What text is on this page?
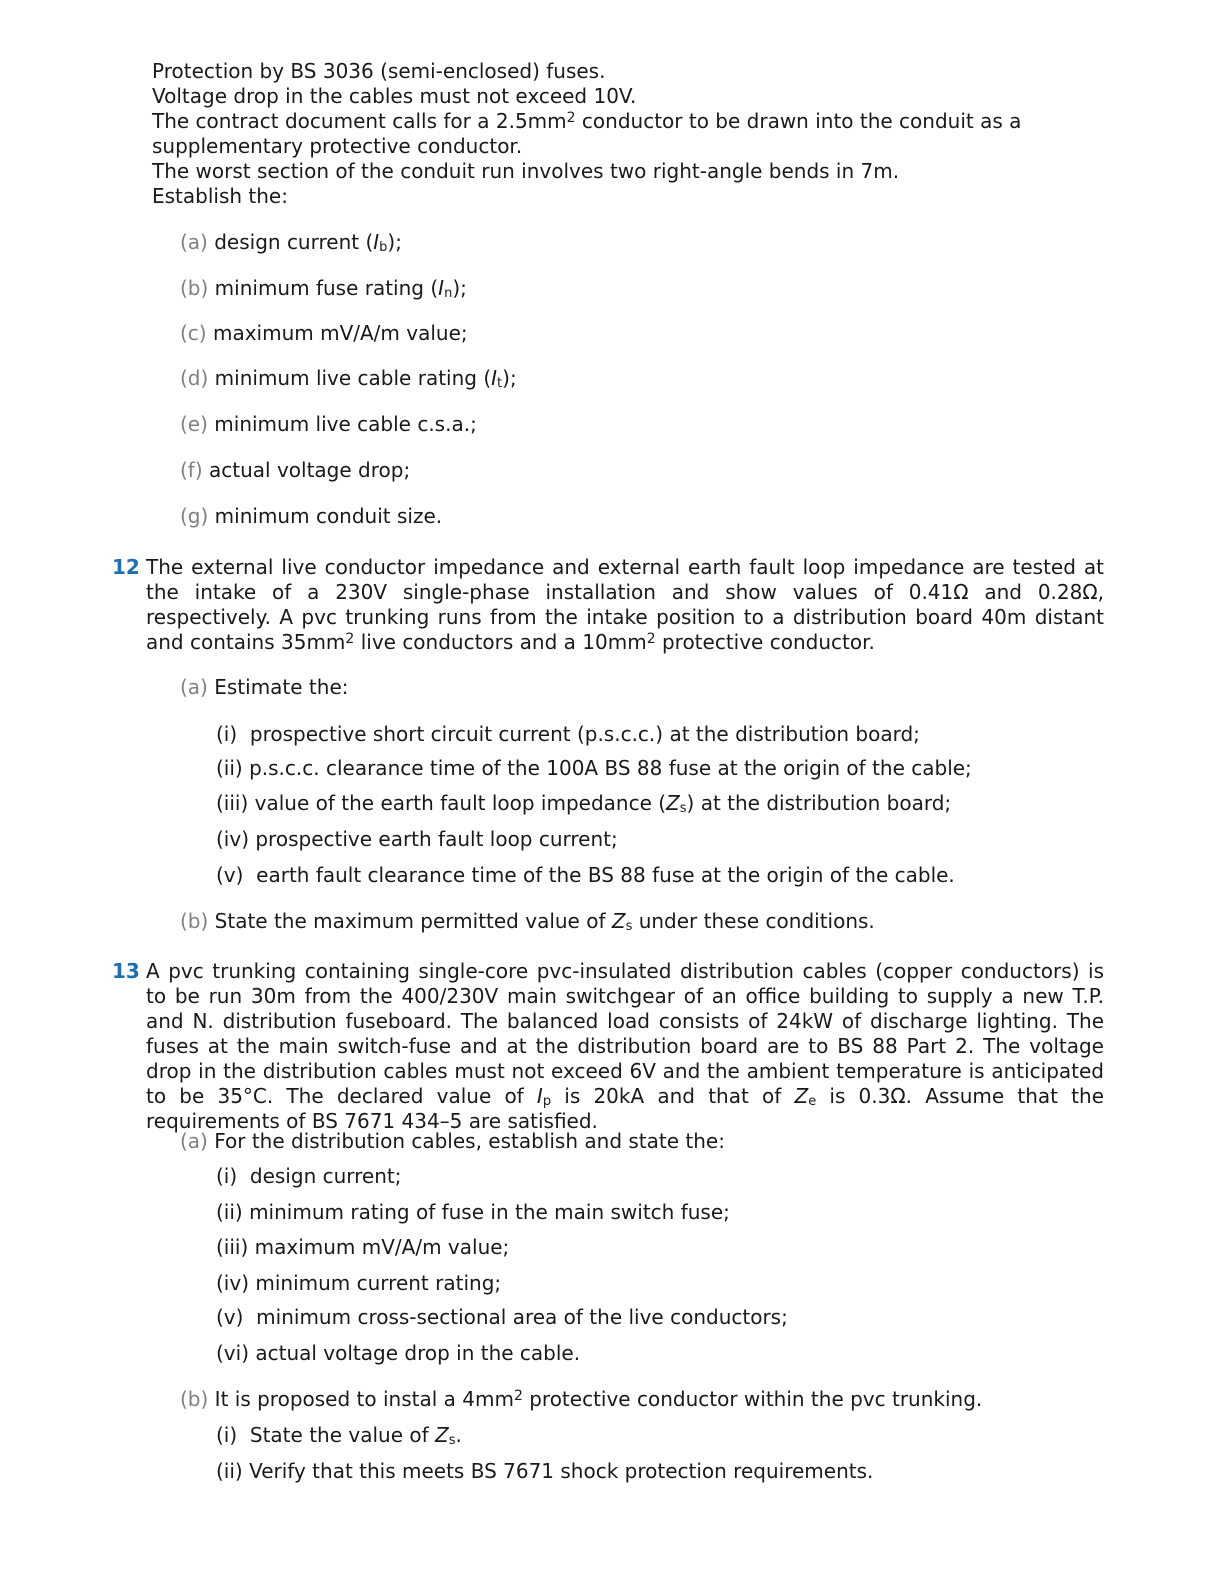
Protection by BS 3036 (semi-enclosed) fuses.

Voltage drop in the cables must not exceed 10V.

The contract document calls for a $2.5mm^2$ conductor to be drawn into the conduit as a supplementary protective conductor.

The worst section of the conduit run involves two right-angle bends in 7m.

Establish the:

(a) design current $(I_b)$;
(b) minimum fuse rating $(I_n)$;
(c) maximum mV/A/m value;
(d) minimum live cable rating $(I_t)$;
(e) minimum live cable c.s.a.;
(f) actual voltage drop;
(g) minimum conduit size.
12 The external live conductor impedance and external earth fault loop impedance are tested at the intake of a 230V single-phase installation and show values of 0.41Ω and 0.28Ω, respectively. A pvc trunking runs from the intake position to a distribution board 40m distant and contains $35mm^2$ live conductors and a $10mm^2$ protective conductor.
(a) Estimate the:
(i) prospective short circuit current (p.s.c.c.) at the distribution board;
(ii) p.s.c.c. clearance time of the 100A BS 88 fuse at the origin of the cable;
(iii) value of the earth fault loop impedance $(Z_s)$ at the distribution board;
(iv) prospective earth fault loop current;
(v) earth fault clearance time of the BS 88 fuse at the origin of the cable.
(b) State the maximum permitted value of $Z_s$ under these conditions.
13 A pvc trunking containing single-core pvc-insulated distribution cables (copper conductors) is to be run 30m from the 400/230V main switchgear of an office building to supply a new T.P. and N. distribution fuseboard. The balanced load consists of 24kW of discharge lighting. The fuses at the main switch-fuse and at the distribution board are to BS 88 Part 2. The voltage drop in the distribution cables must not exceed 6V and the ambient temperature is anticipated to be 35°C. The declared value of $I_p$ is 20kA and that of $Z_e$ is 0.3Ω. Assume that the requirements of BS 7671 434–5 are satisfied.
(a) For the distribution cables, establish and state the:
(i) design current;
(ii) minimum rating of fuse in the main switch fuse;
(iii) maximum mV/A/m value;
(iv) minimum current rating;
(v) minimum cross-sectional area of the live conductors;
(vi) actual voltage drop in the cable.
(b) It is proposed to instal a $4mm^2$ protective conductor within the pvc trunking.
(i) State the value of $Z_s$.
(ii) Verify that this meets BS 7671 shock protection requirements.
